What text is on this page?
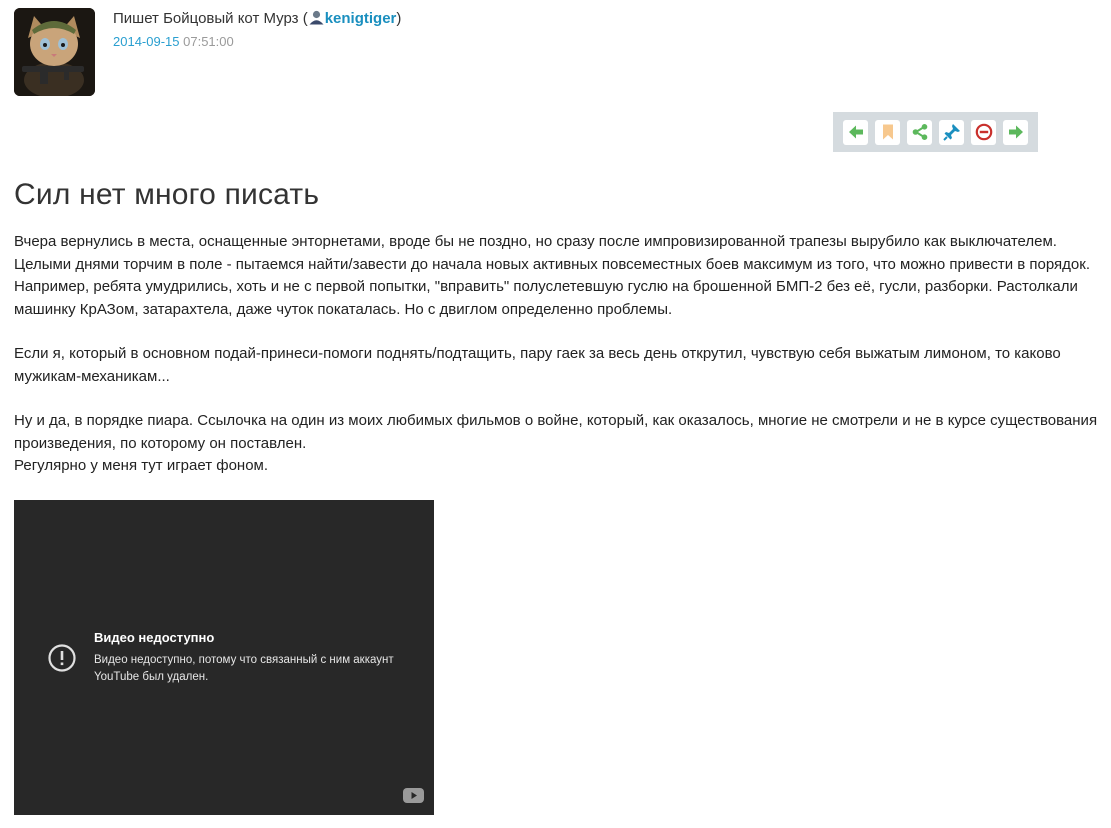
Пишет Бойцовый кот Мурз ( kenigtiger)
2014-09-15 07:51:00
Сил нет много писать

Вчера вернулись в места, оснащенные энторнетами, вроде бы не поздно, но сразу после импровизированной трапезы вырубило как выключателем. Целыми днями торчим в поле - пытаемся найти/завести до начала новых активных повсеместных боев максимум из того, что можно привести в порядок. Например, ребята умудрились, хоть и не с первой попытки, "вправить" полуслетевшую гуслю на брошенной БМП-2 без её, гусли, разборки. Растолкали машинку КрАЗом, затарахтела, даже чуток покаталась. Но с двиглом определенно проблемы.

Если я, который в основном подай-принеси-помоги поднять/подтащить, пару гаек за весь день открутил, чувствую себя выжатым лимоном, то каково мужикам-механикам...

Ну и да, в порядке пиара. Ссылочка на один из моих любимых фильмов о войне, который, как оказалось, многие не смотрели и не в курсе существования произведения, по которому он поставлен.

Регулярно у меня тут играет фоном.

Видео недоступно
Видео недоступно, потому что связанный с ним аккаунт YouTube был удален.
